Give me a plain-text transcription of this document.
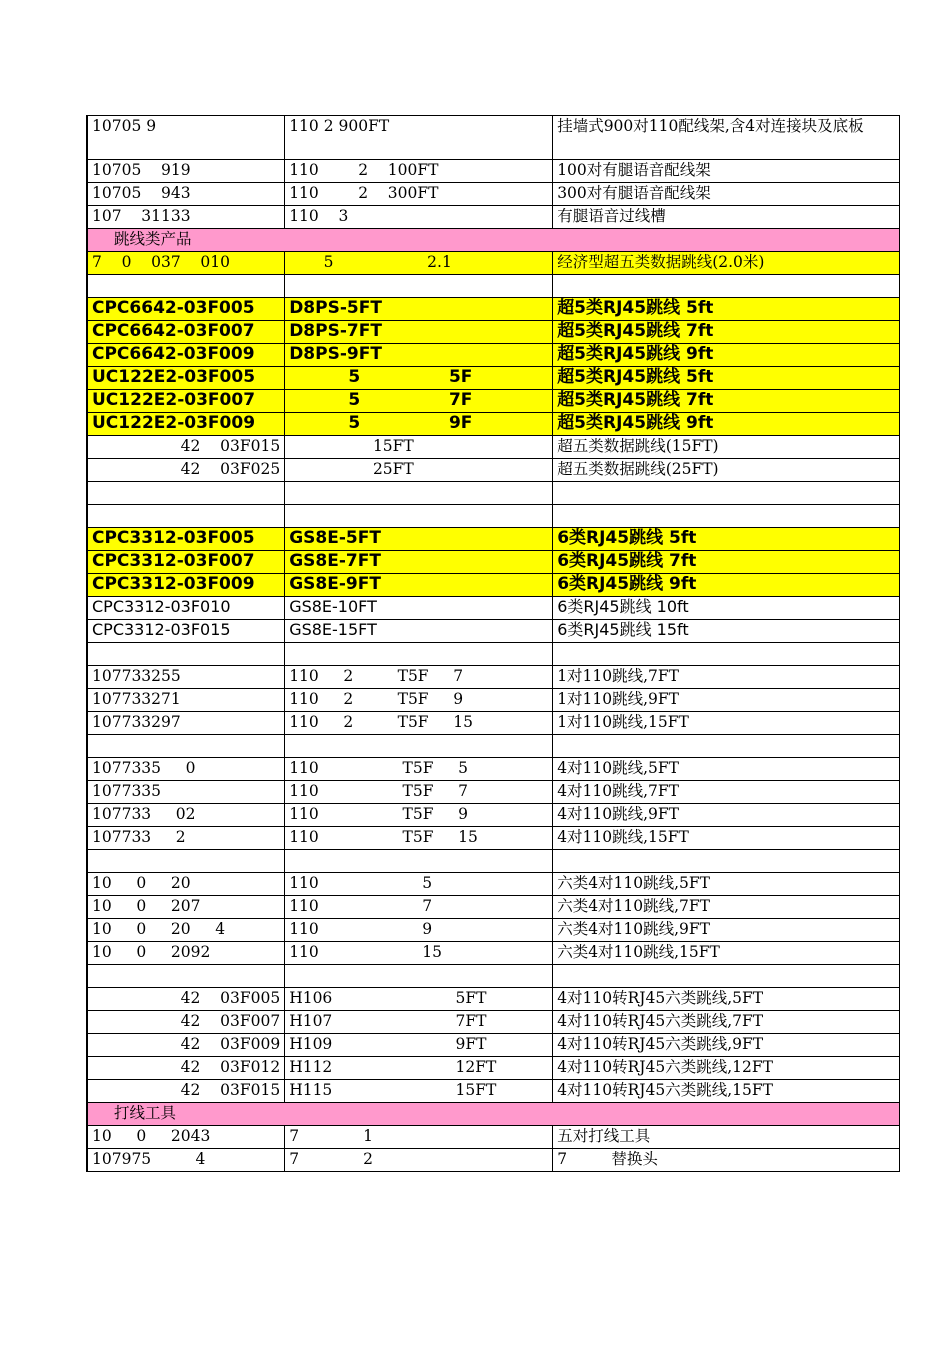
10705 9	110 2 900FT	挂墙式900对110配线架,含4对连接块及底板
10705    919	110        2    100FT	100对有腿语音配线架
10705    943	110        2    300FT	300对有腿语音配线架
107    31133	110    3	有腿语音过线槽
跳线类产品		
7    0    037    010	5                   2.1	经济型超五类数据跳线(2.0米)

CPC6642-03F005	D8PS-5FT	超5类RJ45跳线 5ft
CPC6642-03F007	D8PS-7FT	超5类RJ45跳线 7ft
CPC6642-03F009	D8PS-9FT	超5类RJ45跳线 9ft
UC122E2-03F005	5               5F	超5类RJ45跳线 5ft
UC122E2-03F007	5               7F	超5类RJ45跳线 7ft
UC122E2-03F009	5               9F	超5类RJ45跳线 9ft
42    03F015	15FT	超五类数据跳线(15FT)
42    03F025	25FT	超五类数据跳线(25FT)

CPC3312-03F005	GS8E-5FT	6类RJ45跳线 5ft
CPC3312-03F007	GS8E-7FT	6类RJ45跳线 7ft
CPC3312-03F009	GS8E-9FT	6类RJ45跳线 9ft
CPC3312-03F010	GS8E-10FT	6类RJ45跳线 10ft
CPC3312-03F015	GS8E-15FT	6类RJ45跳线 15ft

107733255	110     2         T5F     7	1对110跳线,7FT
107733271	110     2         T5F     9	1对110跳线,9FT
107733297	110     2         T5F     15	1对110跳线,15FT

1077335     0	110                 T5F     5	4对110跳线,5FT
1077335	110                 T5F     7	4对110跳线,7FT
107733     02	110                 T5F     9	4对110跳线,9FT
107733     2	110                 T5F     15	4对110跳线,15FT

10     0     20	110                     5	六类4对110跳线,5FT
10     0     207	110                     7	六类4对110跳线,7FT
10     0     20     4	110                     9	六类4对110跳线,9FT
10     0     2092	110                     15	六类4对110跳线,15FT

42    03F005	H106                         5FT	4对110转RJ45六类跳线,5FT
42    03F007	H107                         7FT	4对110转RJ45六类跳线,7FT
42    03F009	H109                         9FT	4对110转RJ45六类跳线,9FT
42    03F012	H112                         12FT	4对110转RJ45六类跳线,12FT
42    03F015	H115                         15FT	4对110转RJ45六类跳线,15FT
打线工具		
10     0     2043	7             1	五对打线工具
107975         4	7             2	7         替换头
